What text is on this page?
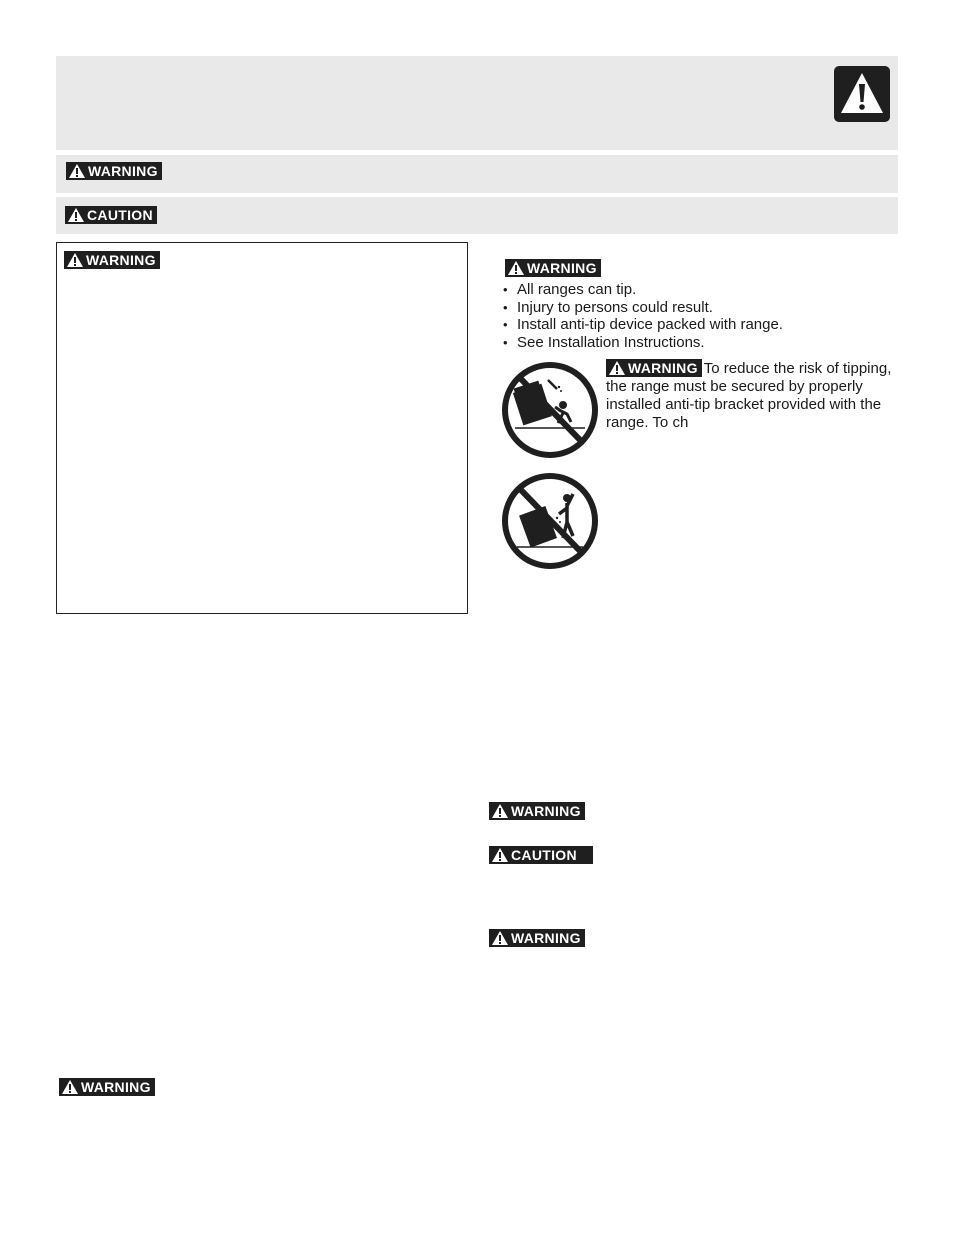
WARNING
CAUTION
WARNING	WARNING
• All ranges can tip.
• Injury to persons could result.
• Install anti-tip device packed with range.
• See Installation Instructions.
WARNING To reduce the risk of tipping, the range must be secured by properly installed anti-tip bracket provided with the range. To ch
WARNING
CAUTION
WARNING
WARNING
